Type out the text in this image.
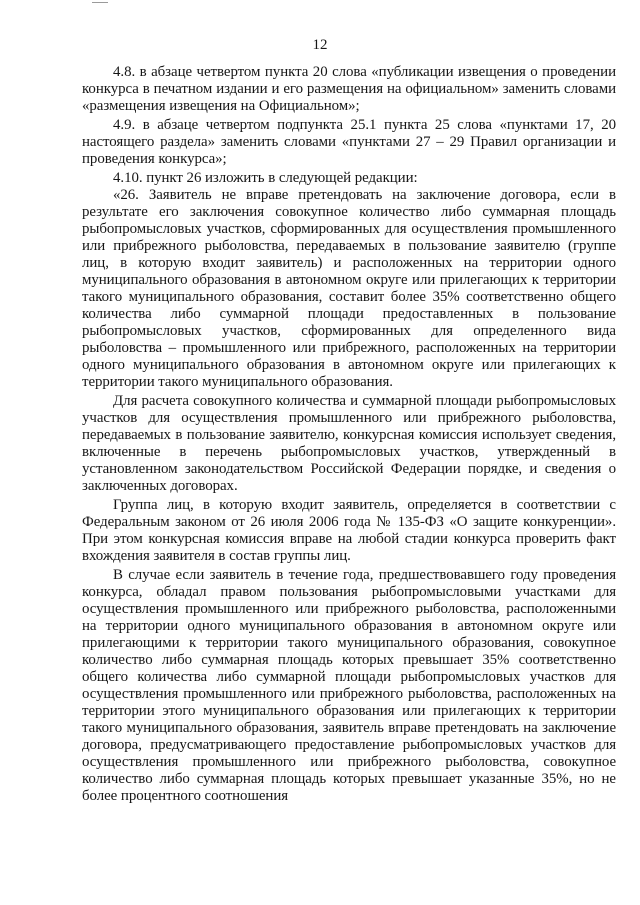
12

4.8. в абзаце четвертом пункта 20 слова «публикации извещения о проведении конкурса в печатном издании и его размещения на официальном» заменить словами «размещения извещения на Официальном»;

4.9. в абзаце четвертом подпункта 25.1 пункта 25 слова «пунктами 17, 20 настоящего раздела» заменить словами «пунктами 27 – 29 Правил организации и проведения конкурса»;

4.10. пункт 26 изложить в следующей редакции:

«26. Заявитель не вправе претендовать на заключение договора, если в результате его заключения совокупное количество либо суммарная площадь рыбопромысловых участков, сформированных для осуществления промышленного или прибрежного рыболовства, передаваемых в пользование заявителю (группе лиц, в которую входит заявитель) и расположенных на территории одного муниципального образования в автономном округе или прилегающих к территории такого муниципального образования, составит более 35% соответственно общего количества либо суммарной площади предоставленных в пользование рыбопромысловых участков, сформированных для определенного вида рыболовства – промышленного или прибрежного, расположенных на территории одного муниципального образования в автономном округе или прилегающих к территории такого муниципального образования.

Для расчета совокупного количества и суммарной площади рыбопромысловых участков для осуществления промышленного или прибрежного рыболовства, передаваемых в пользование заявителю, конкурсная комиссия использует сведения, включенные в перечень рыбопромысловых участков, утвержденный в установленном законодательством Российской Федерации порядке, и сведения о заключенных договорах.

Группа лиц, в которую входит заявитель, определяется в соответствии с Федеральным законом от 26 июля 2006 года № 135-ФЗ «О защите конкуренции». При этом конкурсная комиссия вправе на любой стадии конкурса проверить факт вхождения заявителя в состав группы лиц.

В случае если заявитель в течение года, предшествовавшего году проведения конкурса, обладал правом пользования рыбопромысловыми участками для осуществления промышленного или прибрежного рыболовства, расположенными на территории одного муниципального образования в автономном округе или прилегающими к территории такого муниципального образования, совокупное количество либо суммарная площадь которых превышает 35% соответственно общего количества либо суммарной площади рыбопромысловых участков для осуществления промышленного или прибрежного рыболовства, расположенных на территории этого муниципального образования или прилегающих к территории такого муниципального образования, заявитель вправе претендовать на заключение договора, предусматривающего предоставление рыбопромысловых участков для осуществления промышленного или прибрежного рыболовства, совокупное количество либо суммарная площадь которых превышает указанные 35%, но не более процентного соотношения
